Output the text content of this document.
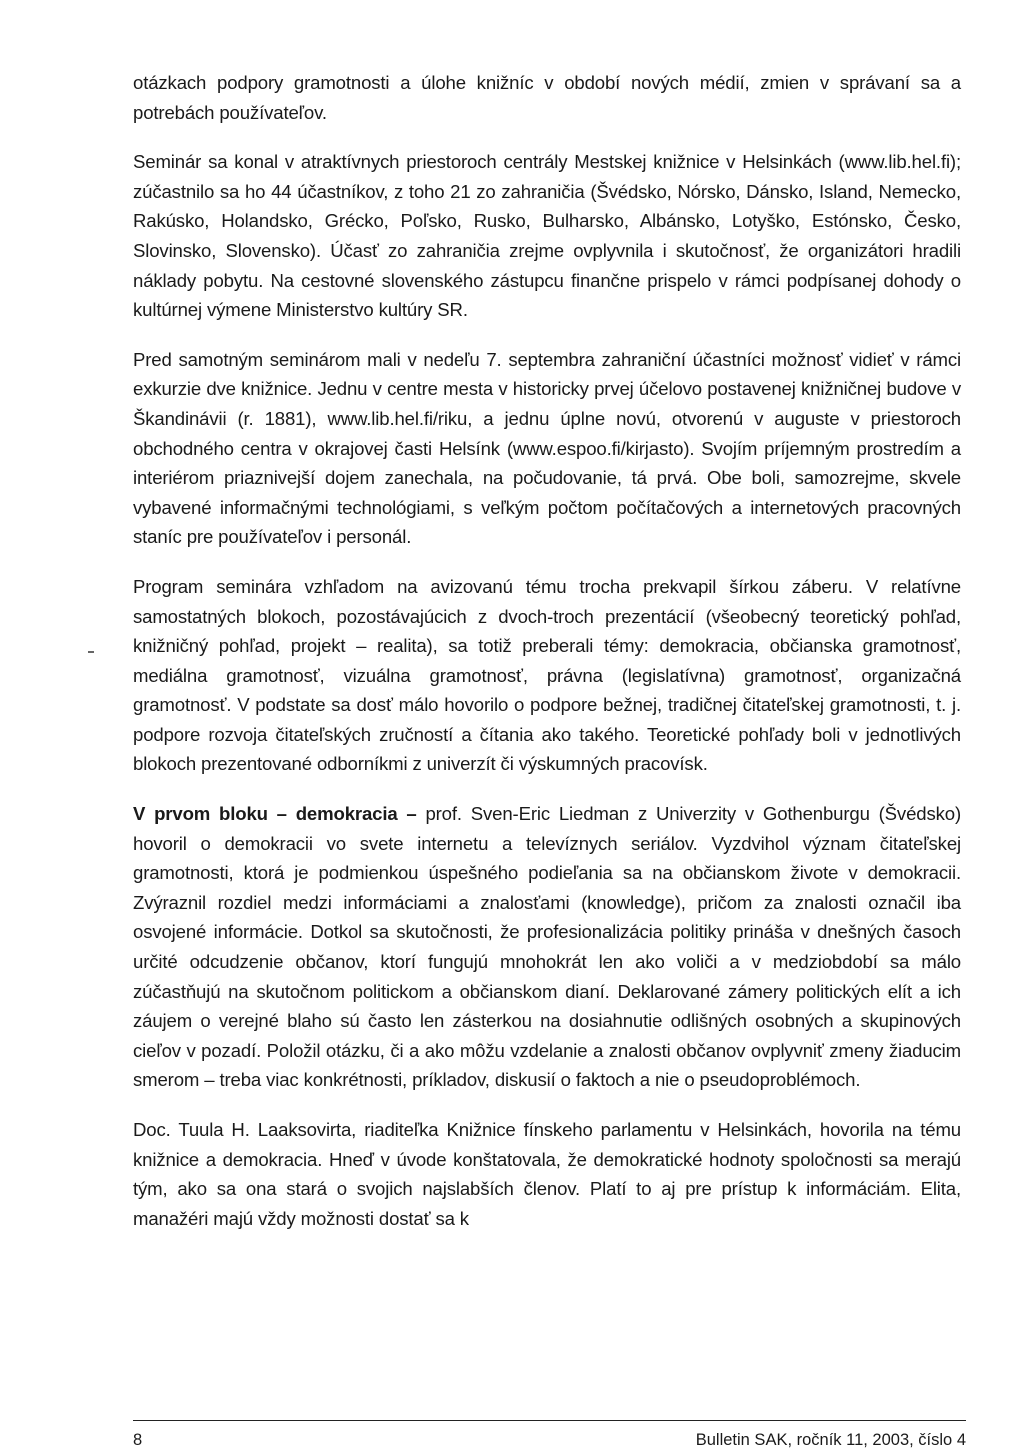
otázkach podpory gramotnosti a úlohe knižníc v období nových médií, zmien v správaní sa a potrebách používateľov.

Seminár sa konal v atraktívnych priestoroch centrály Mestskej knižnice v Helsinkách (www.lib.hel.fi); zúčastnilo sa ho 44 účastníkov, z toho 21 zo zahraničia (Švédsko, Nórsko, Dánsko, Island, Nemecko, Rakúsko, Holandsko, Grécko, Poľsko, Rusko, Bulharsko, Albánsko, Lotyško, Estónsko, Česko, Slovinsko, Slovensko). Účasť zo zahraničia zrejme ovplyvnila i skutočnosť, že organizátori hradili náklady pobytu. Na cestovné slovenského zástupcu finančne prispelo v rámci podpísanej dohody o kultúrnej výmene Ministerstvo kultúry SR.

Pred samotným seminárom mali v nedeľu 7. septembra zahraniční účastníci možnosť vidieť v rámci exkurzie dve knižnice. Jednu v centre mesta v historicky prvej účelovo postavenej knižničnej budove v Škandinávii (r. 1881), www.lib.hel.fi/riku, a jednu úplne novú, otvorenú v auguste v priestoroch obchodného centra v okrajovej časti Helsínk (www.espoo.fi/kirjasto). Svojím príjemným prostredím a interiérom priaznivejší dojem zanechala, na počudovanie, tá prvá. Obe boli, samozrejme, skvele vybavené informačnými technológiami, s veľkým počtom počítačových a internetových pracovných staníc pre používateľov i personál.

Program seminára vzhľadom na avizovanú tému trocha prekvapil šírkou záberu. V relatívne samostatných blokoch, pozostávajúcich z dvoch-troch prezentácií (všeobecný teoretický pohľad, knižničný pohľad, projekt – realita), sa totiž preberali témy: demokracia, občianska gramotnosť, mediálna gramotnosť, vizuálna gramotnosť, právna (legislatívna) gramotnosť, organizačná gramotnosť. V podstate sa dosť málo hovorilo o podpore bežnej, tradičnej čitateľskej gramotnosti, t. j. podpore rozvoja čitateľských zručností a čítania ako takého. Teoretické pohľady boli v jednotlivých blokoch prezentované odborníkmi z univerzít či výskumných pracovísk.

V prvom bloku – demokracia – prof. Sven-Eric Liedman z Univerzity v Gothenburgu (Švédsko) hovoril o demokracii vo svete internetu a televíznych seriálov. Vyzdvihol význam čitateľskej gramotnosti, ktorá je podmienkou úspešného podieľania sa na občianskom živote v demokracii. Zvýraznil rozdiel medzi informáciami a znalosťami (knowledge), pričom za znalosti označil iba osvojené informácie. Dotkol sa skutočnosti, že profesionalizácia politiky prináša v dnešných časoch určité odcudzenie občanov, ktorí fungujú mnohokrát len ako voliči a v medziobdobí sa málo zúčastňujú na skutočnom politickom a občianskom dianí. Deklarované zámery politických elít a ich záujem o verejné blaho sú často len zásterkou na dosiahnutie odlišných osobných a skupinových cieľov v pozadí. Položil otázku, či a ako môžu vzdelanie a znalosti občanov ovplyvniť zmeny žiaducim smerom – treba viac konkrétnosti, príkladov, diskusií o faktoch a nie o pseudoproblémoch.

Doc. Tuula H. Laaksovirta, riaditeľka Knižnice fínskeho parlamentu v Helsinkách, hovorila na tému knižnice a demokracia. Hneď v úvode konštatovala, že demokratické hodnoty spoločnosti sa merajú tým, ako sa ona stará o svojich najslabších členov. Platí to aj pre prístup k informáciám. Elita, manažéri majú vždy možnosti dostať sa k

8	Bulletin SAK, ročník 11, 2003, číslo 4
